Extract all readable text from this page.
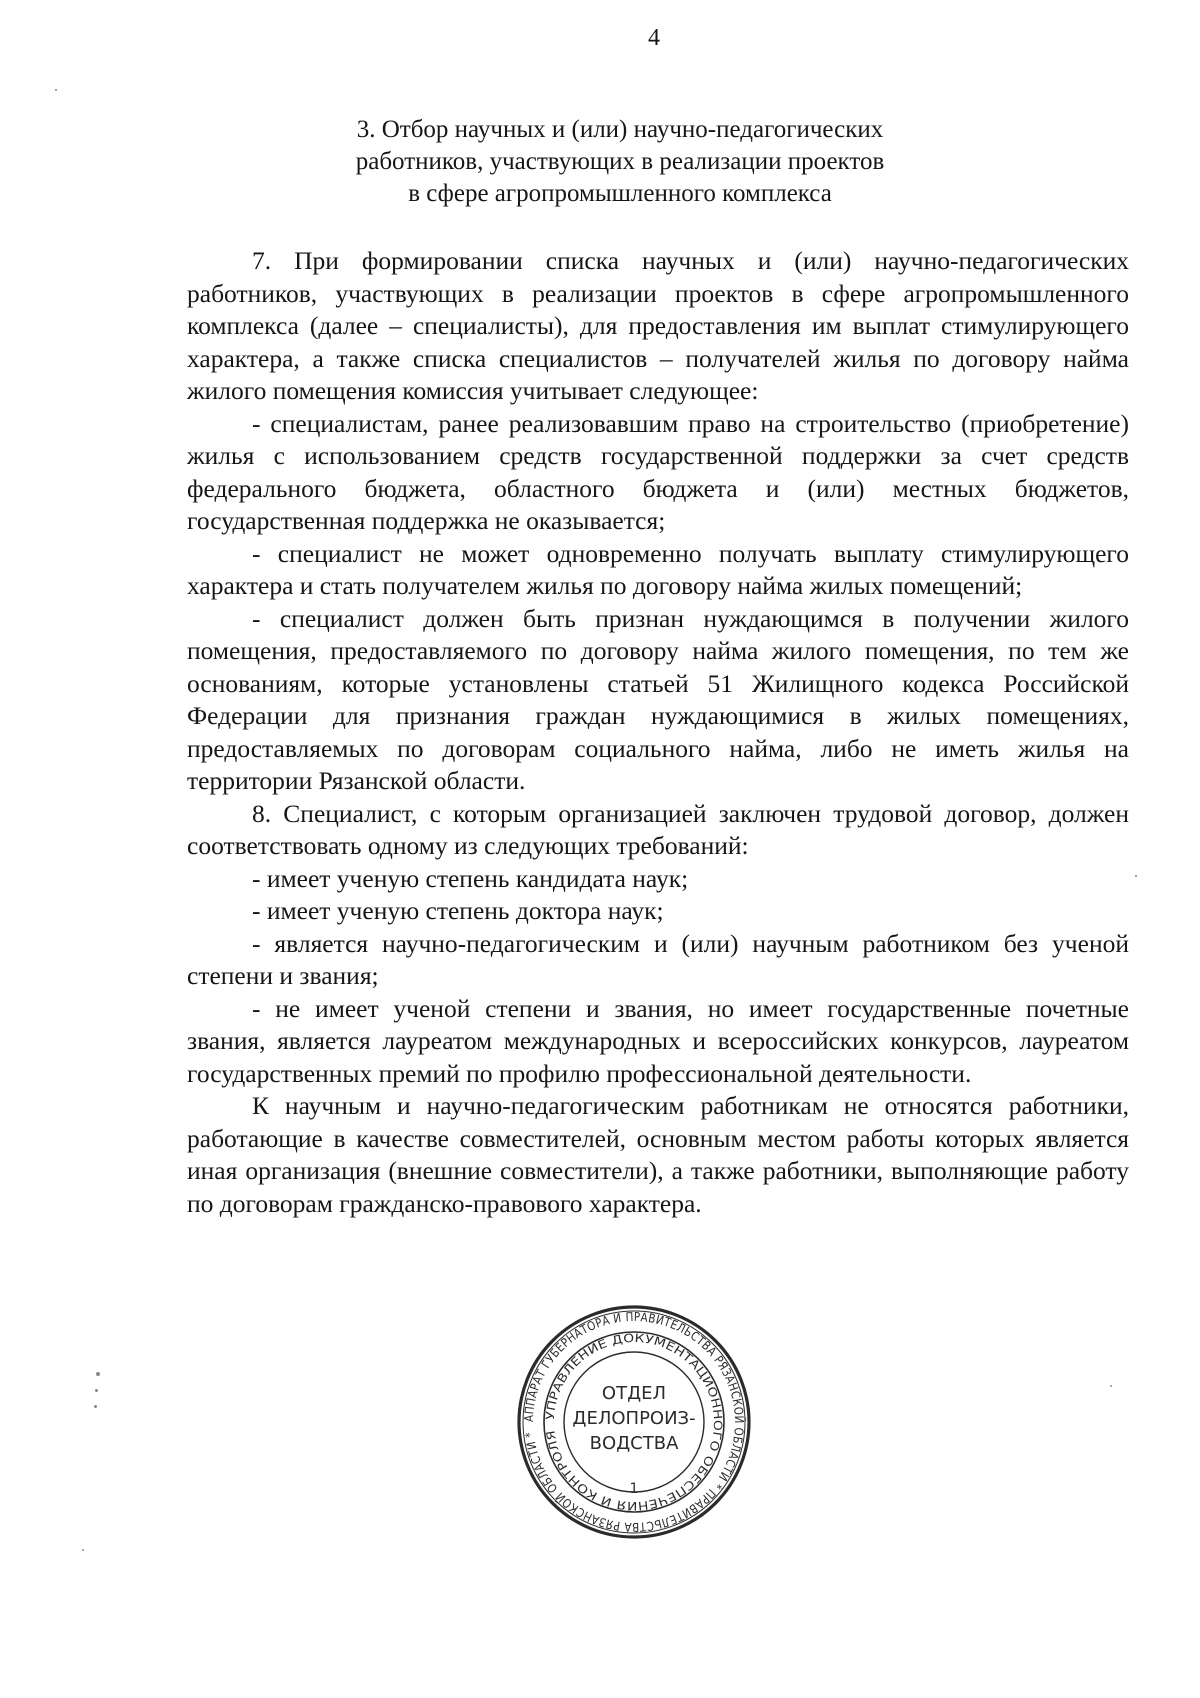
4
3. Отбор научных и (или) научно-педагогических
работников, участвующих в реализации проектов
в сфере агропромышленного комплекса

7. При формировании списка научных и (или) научно-педагогических работников, участвующих в реализации проектов в сфере агропромышленного комплекса (далее – специалисты), для предоставления им выплат стимулирующего характера, а также списка специалистов – получателей жилья по договору найма жилого помещения комиссия учитывает следующее:

- специалистам, ранее реализовавшим право на строительство (приобретение) жилья с использованием средств государственной поддержки за счет средств федерального бюджета, областного бюджета и (или) местных бюджетов, государственная поддержка не оказывается;

- специалист не может одновременно получать выплату стимулирующего характера и стать получателем жилья по договору найма жилых помещений;

- специалист должен быть признан нуждающимся в получении жилого помещения, предоставляемого по договору найма жилого помещения, по тем же основаниям, которые установлены статьей 51 Жилищного кодекса Российской Федерации для признания граждан нуждающимися в жилых помещениях, предоставляемых по договорам социального найма, либо не иметь жилья на территории Рязанской области.

8. Специалист, с которым организацией заключен трудовой договор, должен соответствовать одному из следующих требований:

- имеет ученую степень кандидата наук;

- имеет ученую степень доктора наук;

- является научно-педагогическим и (или) научным работником без ученой степени и звания;

- не имеет ученой степени и звания, но имеет государственные почетные звания, является лауреатом международных и всероссийских конкурсов, лауреатом государственных премий по профилю профессиональной деятельности.

К научным и научно-педагогическим работникам не относятся работники, работающие в качестве совместителей, основным местом работы которых является иная организация (внешние совместители), а также работники, выполняющие работу по договорам гражданско-правового характера.

АППАРАТ ГУБЕРНАТОРА И ПРАВИТЕЛЬСТВА РЯЗАНСКОЙ ОБЛАСТИ * ПРАВИТЕЛЬСТВА РЯЗАНСКОЙ ОБЛАСТИ *
УПРАВЛЕНИЕ ДОКУМЕНТАЦИОННОГО ОБЕСПЕЧЕНИЯ И КОНТРОЛЯ
ОТДЕЛ
ДЕЛОПРОИЗ-
ВОДСТВА
1
